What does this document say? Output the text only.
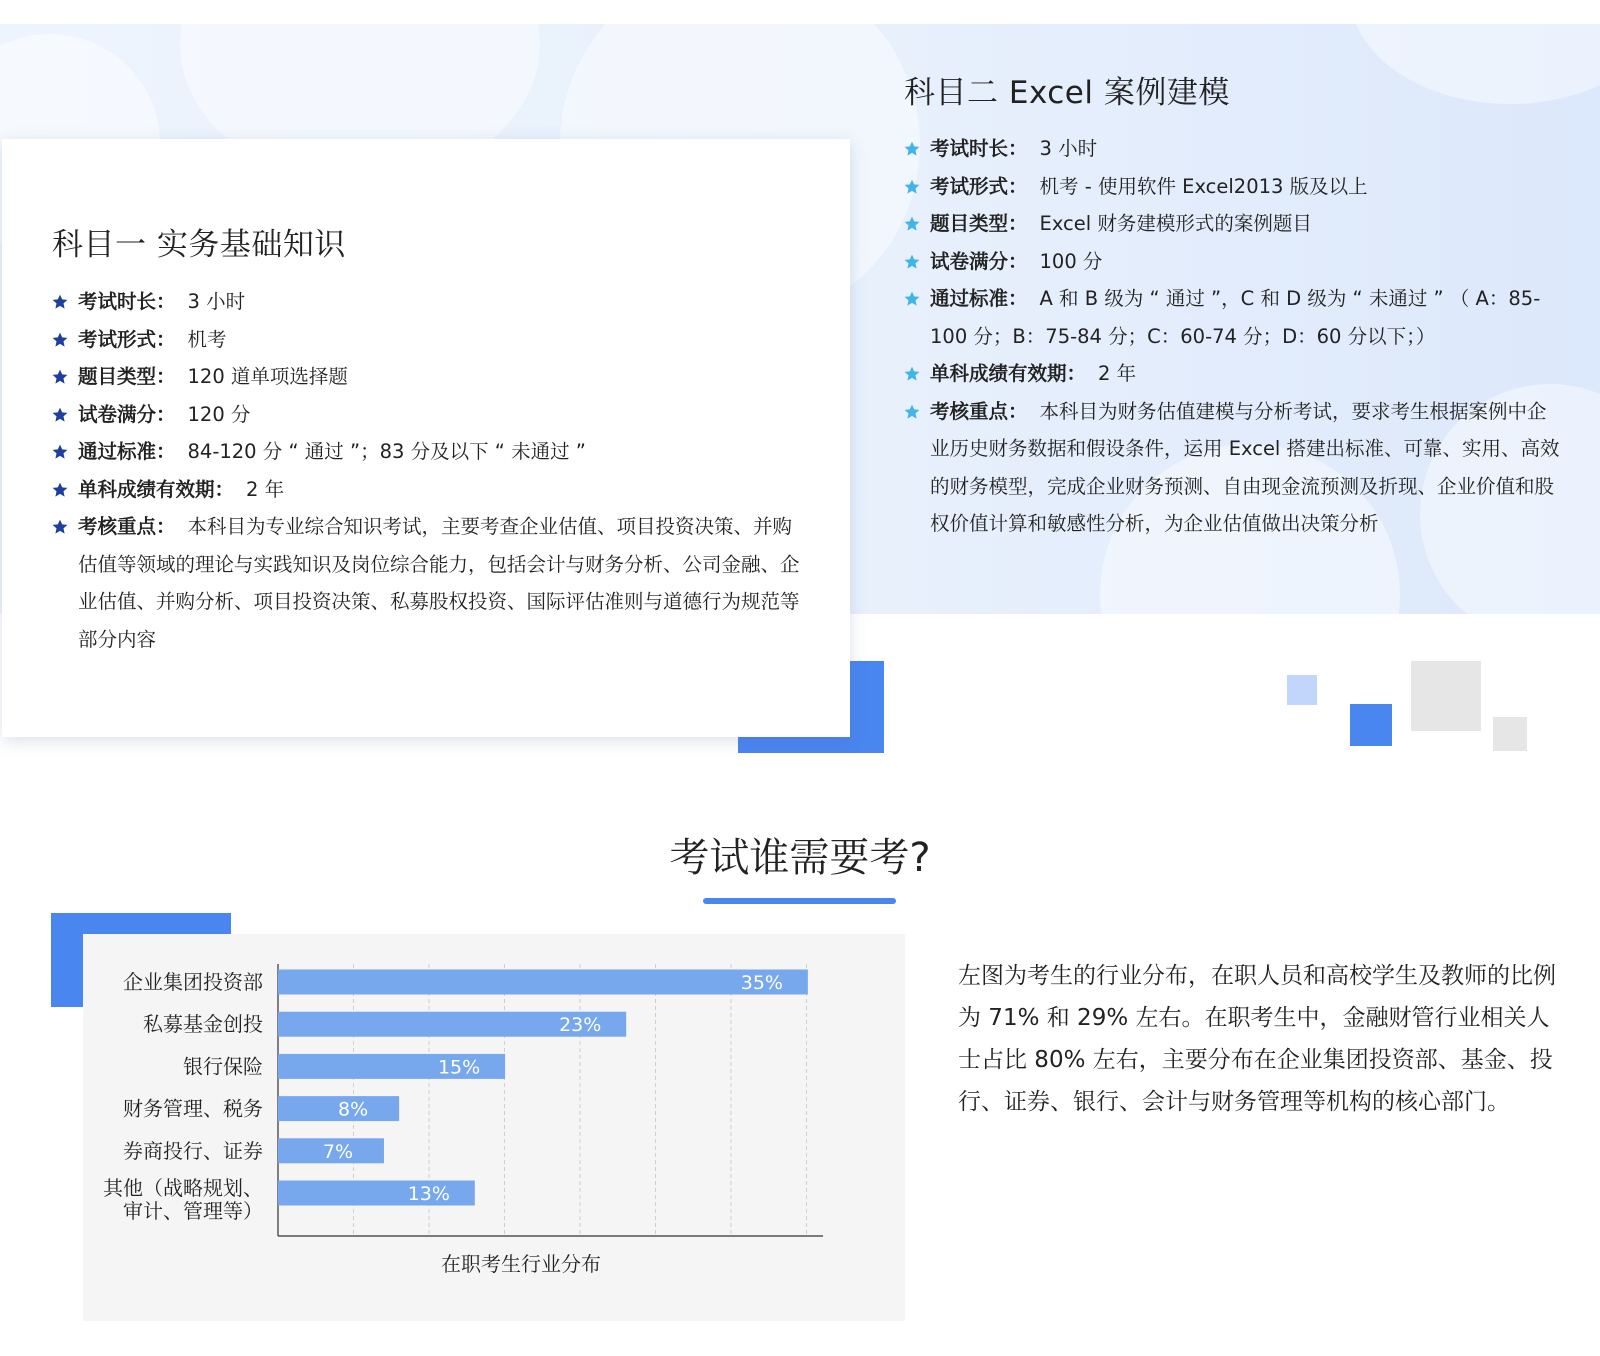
科目一 实务基础知识
考试时长： 3 小时
考试形式： 机考
题目类型： 120 道单项选择题
试卷满分： 120 分
通过标准： 84-120 分 “ 通过 ”；83 分及以下 “ 未通过 ”
单科成绩有效期： 2 年
考核重点： 本科目为专业综合知识考试，主要考查企业估值、项目投资决策、并购估值等领域的理论与实践知识及岗位综合能力，包括会计与财务分析、公司金融、企业估值、并购分析、项目投资决策、私募股权投资、国际评估准则与道德行为规范等部分内容
科目二 Excel 案例建模
考试时长： 3 小时
考试形式： 机考 - 使用软件 Excel2013 版及以上
题目类型： Excel 财务建模形式的案例题目
试卷满分： 100 分
通过标准： A 和 B 级为 “ 通过 ”，C 和 D 级为 “ 未通过 ” （ A：85-100 分；B：75-84 分；C：60-74 分；D：60 分以下；）
单科成绩有效期： 2 年
考核重点： 本科目为财务估值建模与分析考试，要求考生根据案例中企业历史财务数据和假设条件，运用 Excel 搭建出标准、可靠、实用、高效的财务模型，完成企业财务预测、自由现金流预测及折现、企业价值和股权价值计算和敏感性分析，为企业估值做出决策分析
考试谁需要考?
35%
企业集团投资部
23%
私募基金创投
15%
银行保险
8%
财务管理、税务
7%
券商投行、证券
13%
其他（战略规划、
审计、管理等）
在职考生行业分布
左图为考生的行业分布，在职人员和高校学生及教师的比例为 71% 和 29% 左右。在职考生中，金融财管行业相关人士占比 80% 左右，主要分布在企业集团投资部、基金、投行、证券、银行、会计与财务管理等机构的核心部门。
